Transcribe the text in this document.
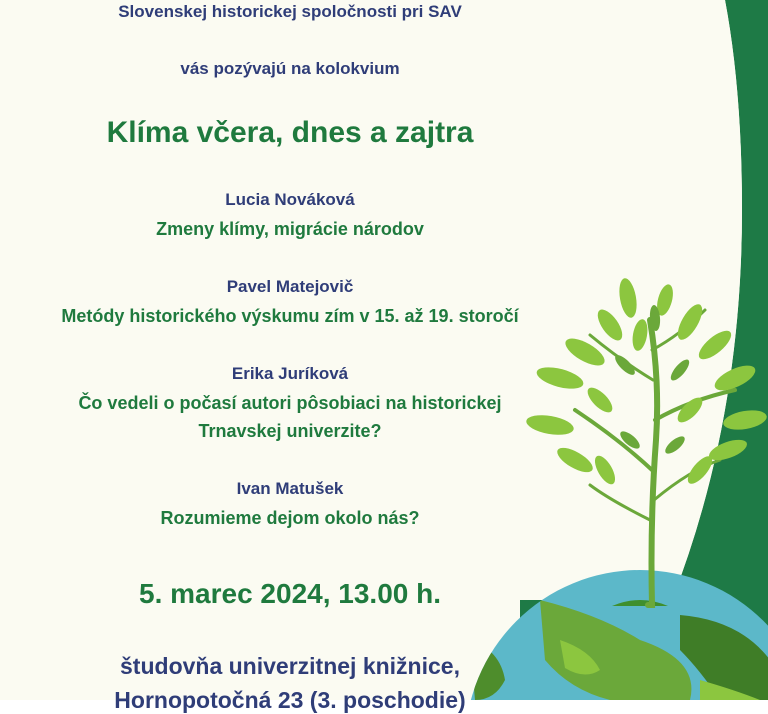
Slovenskej historickej spoločnosti pri SAV
vás pozývajú na kolokvium
Klíma včera, dnes a zajtra
Lucia Nováková
Zmeny klímy, migrácie národov
Pavel Matejovič
Metódy historického výskumu zím v 15. až 19. storočí
Erika Juríková
Čo vedeli o počasí autori pôsobiaci na historickej
Trnavskej univerzite?
Ivan Matušek
Rozumieme dejom okolo nás?
5. marec 2024, 13.00 h.
študovňa univerzitnej knižnice,
Hornopotočná 23 (3. poschodie)
